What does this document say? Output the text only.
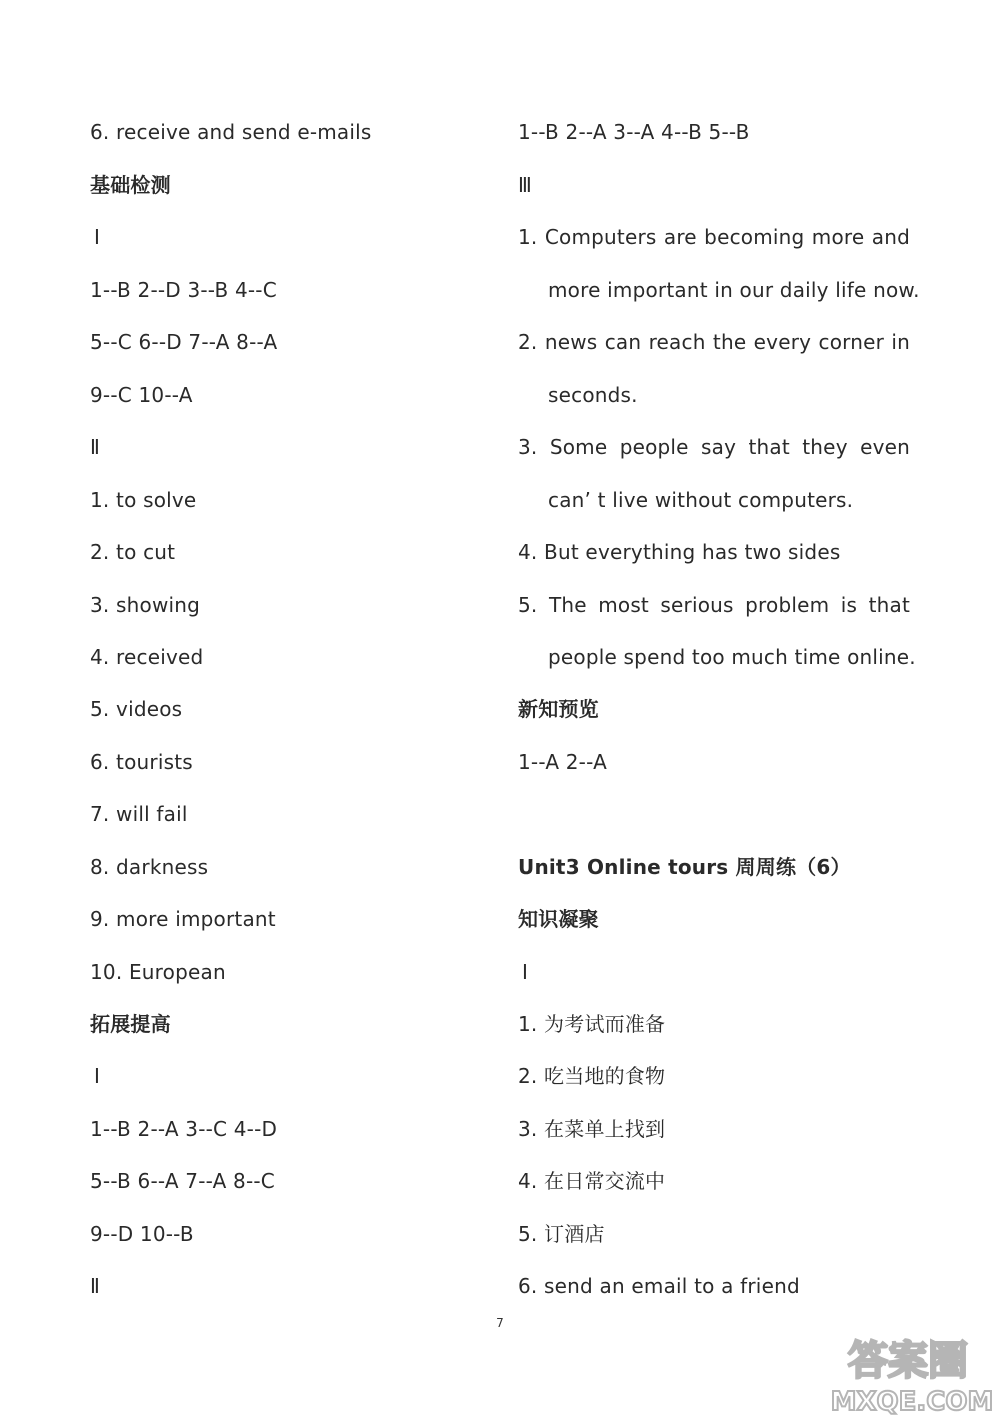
6. receive and send e-mails
基础检测
Ⅰ
1--B 2--D 3--B 4--C
5--C 6--D 7--A 8--A
9--C 10--A
Ⅱ
1. to solve
2. to cut
3. showing
4. received
5. videos
6. tourists
7. will fail
8. darkness
9. more important
10. European
拓展提高
Ⅰ
1--B 2--A 3--C 4--D
5--B 6--A 7--A 8--C
9--D 10--B
Ⅱ
1--B 2--A 3--A 4--B 5--B
Ⅲ
1. Computers are becoming more and
more important in our daily life now.
2. news can reach the every corner in
seconds.
3. Some people say that they even
can’ t live without computers.
4. But everything has two sides
5. The most serious problem is that
people spend too much time online.
新知预览
1--A 2--A
Unit3 Online tours 周周练（6）
知识凝聚
Ⅰ
1. 为考试而准备
2. 吃当地的食物
3. 在菜单上找到
4. 在日常交流中
5. 订酒店
6. send an email to a friend
7
答案圈
MXQE.COM
